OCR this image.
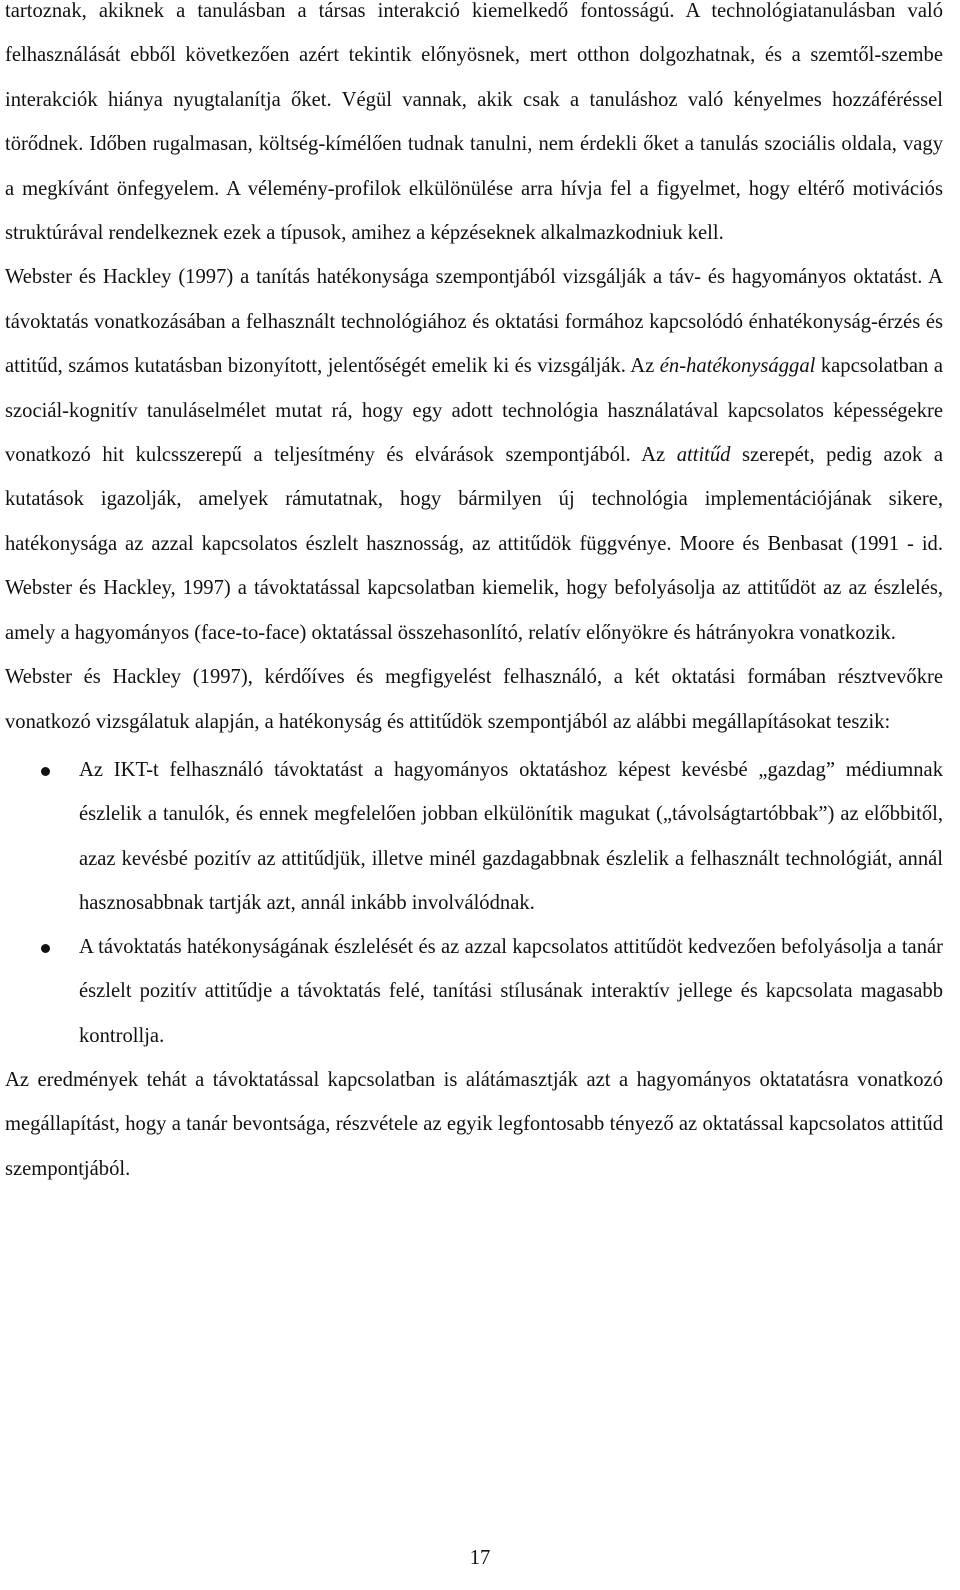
tartoznak, akiknek a tanulásban a társas interakció kiemelkedő fontosságú. A technológiatanulásban való felhasználását ebből következően azért tekintik előnyösnek, mert otthon dolgozhatnak, és a szemtől-szembe interakciók hiánya nyugtalanítja őket. Végül vannak, akik csak a tanuláshoz való kényelmes hozzáféréssel törődnek. Időben rugalmasan, költség-kímélően tudnak tanulni, nem érdekli őket a tanulás szociális oldala, vagy a megkívánt önfegyelem. A vélemény-profilok elkülönülése arra hívja fel a figyelmet, hogy eltérő motivációs struktúrával rendelkeznek ezek a típusok, amihez a képzéseknek alkalmazkodniuk kell.

Webster és Hackley (1997) a tanítás hatékonysága szempontjából vizsgálják a táv- és hagyományos oktatást. A távoktatás vonatkozásában a felhasznált technológiához és oktatási formához kapcsolódó énhatékonyság-érzés és attitűd, számos kutatásban bizonyított, jelentőségét emelik ki és vizsgálják. Az én-hatékonysággal kapcsolatban a szociál-kognitív tanuláselmélet mutat rá, hogy egy adott technológia használatával kapcsolatos képességekre vonatkozó hit kulcsszerepű a teljesítmény és elvárások szempontjából. Az attitűd szerepét, pedig azok a kutatások igazolják, amelyek rámutatnak, hogy bármilyen új technológia implementációjának sikere, hatékonysága az azzal kapcsolatos észlelt hasznosság, az attitűdök függvénye. Moore és Benbasat (1991 - id. Webster és Hackley, 1997) a távoktatással kapcsolatban kiemelik, hogy befolyásolja az attitűdöt az az észlelés, amely a hagyományos (face-to-face) oktatással összehasonlító, relatív előnyökre és hátrányokra vonatkozik.

Webster és Hackley (1997), kérdőíves és megfigyelést felhasználó, a két oktatási formában résztvevőkre vonatkozó vizsgálatuk alapján, a hatékonyság és attitűdök szempontjából az alábbi megállapításokat teszik:

Az IKT-t felhasználó távoktatást a hagyományos oktatáshoz képest kevésbé „gazdag” médiumnak észlelik a tanulók, és ennek megfelelően jobban elkülönítik magukat („távolságtartóbbak”) az előbbitől, azaz kevésbé pozitív az attitűdjük, illetve minél gazdagabbnak észlelik a felhasznált technológiát, annál hasznosabbnak tartják azt, annál inkább involválódnak.
A távoktatás hatékonyságának észlelését és az azzal kapcsolatos attitűdöt kedvezően befolyásolja a tanár észlelt pozitív attitűdje a távoktatás felé, tanítási stílusának interaktív jellege és kapcsolata magasabb kontrollja.

Az eredmények tehát a távoktatással kapcsolatban is alátámasztják azt a hagyományos oktatatásra vonatkozó megállapítást, hogy a tanár bevontsága, részvétele az egyik legfontosabb tényező az oktatással kapcsolatos attitűd szempontjából.

17
